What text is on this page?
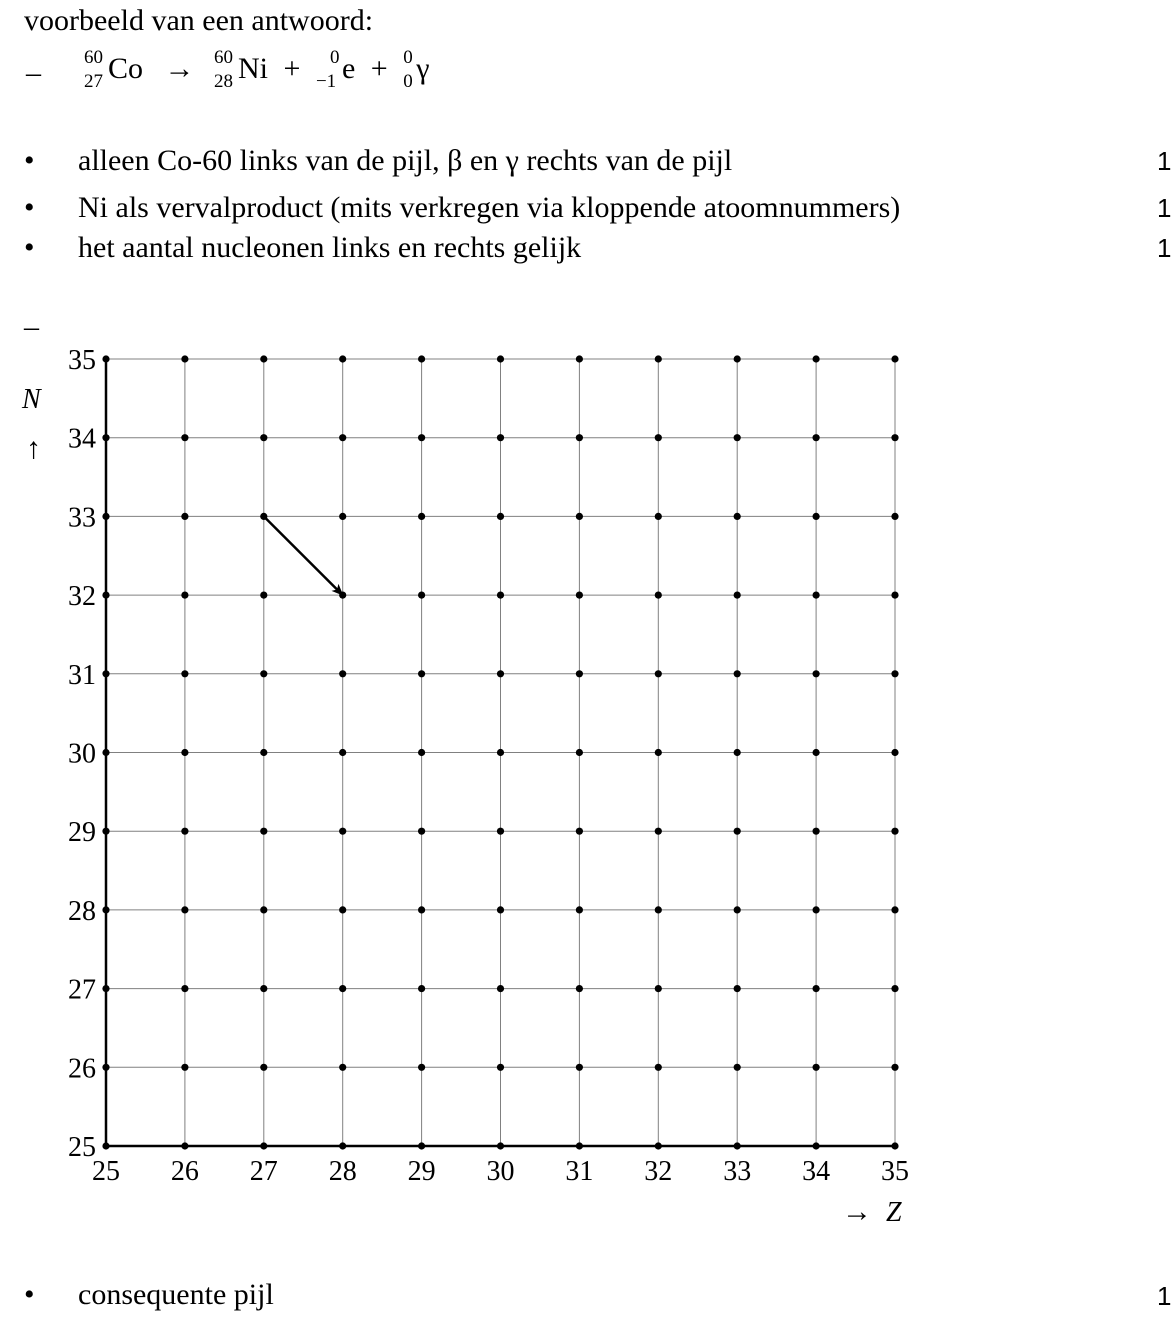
voorbeeld van een antwoord:
– 60
27 Co → 60
28 Ni + 0
−1 e + 0
0 γ
• alleen Co-60 links van de pijl, β en γ rechts van de pijl	1
• Ni als vervalproduct (mits verkregen via kloppende atoomnummers)	1
• het aantal nucleonen links en rechts gelijk	1
–
25 26 27 28 29 30 31 32 33 34 35
25
26
27
28
29
30
31
32
33
34
35
N
↑
→ Z
• consequente pijl	1
